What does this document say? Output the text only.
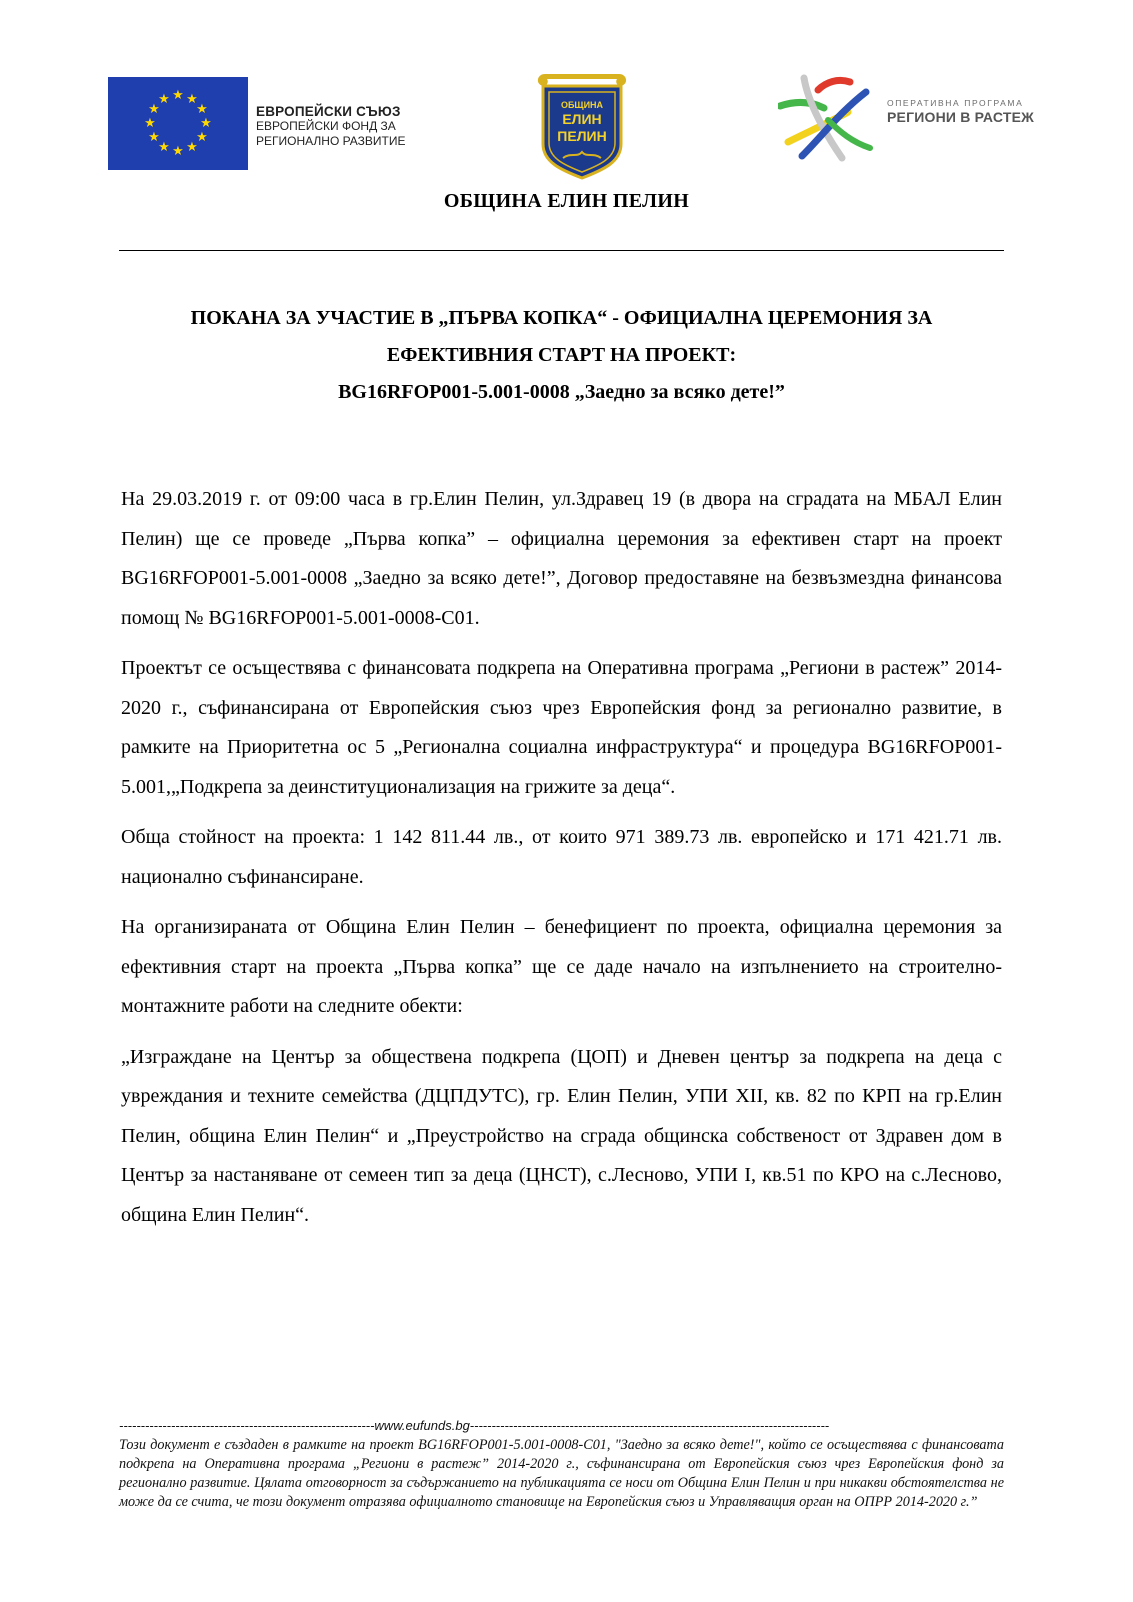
★ ★
★
★
★
★
★
★
★
★
★
★
ЕВРОПЕЙСКИ СЪЮЗ
ЕВРОПЕЙСКИ ФОНД ЗА
РЕГИОНАЛНО РАЗВИТИЕ
ОБЩИНА
ЕЛИН
ПЕЛИН
ОПЕРАТИВНА ПРОГРАМА
РЕГИОНИ В РАСТЕЖ
ОБЩИНА ЕЛИН ПЕЛИН
ПОКАНА ЗА УЧАСТИЕ В „ПЪРВА КОПКА“ - ОФИЦИАЛНА ЦЕРЕМОНИЯ ЗА
ЕФЕКТИВНИЯ СТАРТ НА ПРОЕКТ:
BG16RFOP001-5.001-0008 „Заедно за всяко дете!”

На 29.03.2019 г. от 09:00 часа в гр.Елин Пелин, ул.Здравец 19 (в двора на сградата на МБАЛ Елин Пелин) ще се проведе „Първа копка” – официална церемония за ефективен старт на проект BG16RFOP001-5.001-0008 „Заедно за всяко дете!”, Договор предоставяне на безвъзмездна финансова помощ № BG16RFOP001-5.001-0008-C01.

Проектът се осъществява с финансовата подкрепа на Оперативна програма „Региони в растеж” 2014-2020 г., съфинансирана от Европейския съюз чрез Европейския фонд за регионално развитие, в рамките на Приоритетна ос 5 „Регионална социална инфраструктура“ и процедура BG16RFOP001-5.001,„Подкрепа за деинституционализация на грижите за деца“.

Обща стойност на проекта: 1 142 811.44 лв., от които 971 389.73 лв. европейско и 171 421.71 лв. национално съфинансиране.

На организираната от Община Елин Пелин – бенефициент по проекта, официална церемония за ефективния старт на проекта „Първа копка” ще се даде начало на изпълнението на строително-монтажните работи на следните обекти:

„Изграждане на Център за обществена подкрепа (ЦОП) и Дневен център за подкрепа на деца с увреждания и техните семейства (ДЦПДУТС), гр. Елин Пелин, УПИ XII, кв. 82 по КРП на гр.Елин Пелин, община Елин Пелин“ и „Преустройство на сграда общинска собственост от Здравен дом в Център за настаняване от семеен тип за деца (ЦНСТ), с.Лесново, УПИ I, кв.51 по КРО на с.Лесново, община Елин Пелин“.

-----------------------------------------------------------www.eufunds.bg-----------------------------------------------------------------------------------
Този документ е създаден в рамките на проект BG16RFOP001-5.001-0008-C01, "Заедно за всяко дете!", който се осъществява с финансовата подкрепа на Оперативна програма „Региони в растеж” 2014-2020 г., съфинансирана от Европейския съюз чрез Европейския фонд за регионално развитие. Цялата отговорност за съдържанието на публикацията се носи от Община Елин Пелин и при никакви обстоятелства не може да се счита, че този документ отразява официалното становище на Европейския съюз и Управляващия орган на ОПРР 2014-2020 г.”
